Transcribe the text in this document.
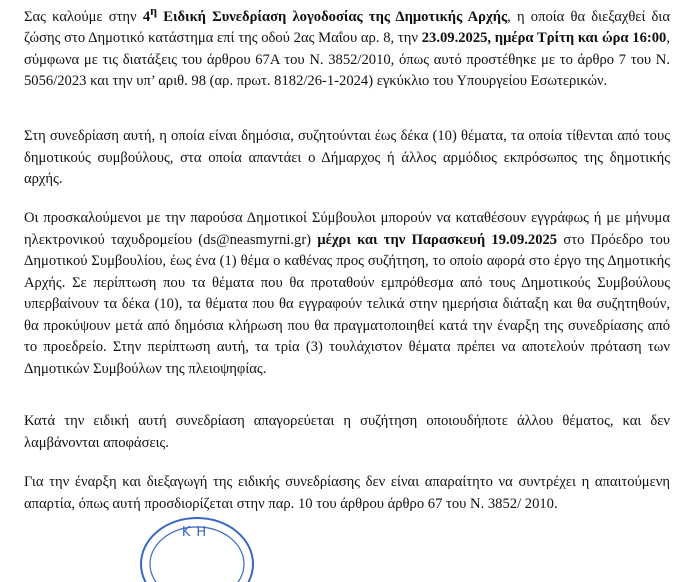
Σας καλούμε στην $4^\eta$ Ειδική Συνεδρίαση λογοδοσίας της Δημοτικής Αρχής, η οποία θα διεξαχθεί δια ζώσης στο Δημοτικό κατάστημα επί της οδού 2ας Μαΐου αρ. 8, την 23.09.2025, ημέρα Τρίτη και ώρα 16:00, σύμφωνα με τις διατάξεις του άρθρου 67Α του Ν. 3852/2010, όπως αυτό προστέθηκε με το άρθρο 7 του Ν. 5056/2023 και την υπ’ αριθ. 98 (αρ. πρωτ. 8182/26-1-2024) εγκύκλιο του Υπουργείου Εσωτερικών.

Στη συνεδρίαση αυτή, η οποία είναι δημόσια, συζητούνται έως δέκα (10) θέματα, τα οποία τίθενται από τους δημοτικούς συμβούλους, στα οποία απαντάει ο Δήμαρχος ή άλλος αρμόδιος εκπρόσωπος της δημοτικής αρχής.

Οι προσκαλούμενοι με την παρούσα Δημοτικοί Σύμβουλοι μπορούν να καταθέσουν εγγράφως ή με μήνυμα ηλεκτρονικού ταχυδρομείου (ds@neasmyrni.gr) μέχρι και την Παρασκευή 19.09.2025 στο Πρόεδρο του Δημοτικού Συμβουλίου, έως ένα (1) θέμα ο καθένας προς συζήτηση, το οποίο αφορά στο έργο της Δημοτικής Αρχής. Σε περίπτωση που τα θέματα που θα προταθούν εμπρόθεσμα από τους Δημοτικούς Συμβούλους υπερβαίνουν τα δέκα (10), τα θέματα που θα εγγραφούν τελικά στην ημερήσια διάταξη και θα συζητηθούν, θα προκύψουν μετά από δημόσια κλήρωση που θα πραγματοποιηθεί κατά την έναρξη της συνεδρίασης από το προεδρείο. Στην περίπτωση αυτή, τα τρία (3) τουλάχιστον θέματα πρέπει να αποτελούν πρόταση των Δημοτικών Συμβούλων της πλειοψηφίας.

Κατά την ειδική αυτή συνεδρίαση απαγορεύεται η συζήτηση οποιουδήποτε άλλου θέματος, και δεν λαμβάνονται αποφάσεις.

Για την έναρξη και διεξαγωγή της ειδικής συνεδρίασης δεν είναι απαραίτητο να συντρέχει η απαιτούμενη απαρτία, όπως αυτή προσδιορίζεται στην παρ. 10 του άρθρου άρθρο 67 του Ν. 3852/ 2010.

ΚΗ
